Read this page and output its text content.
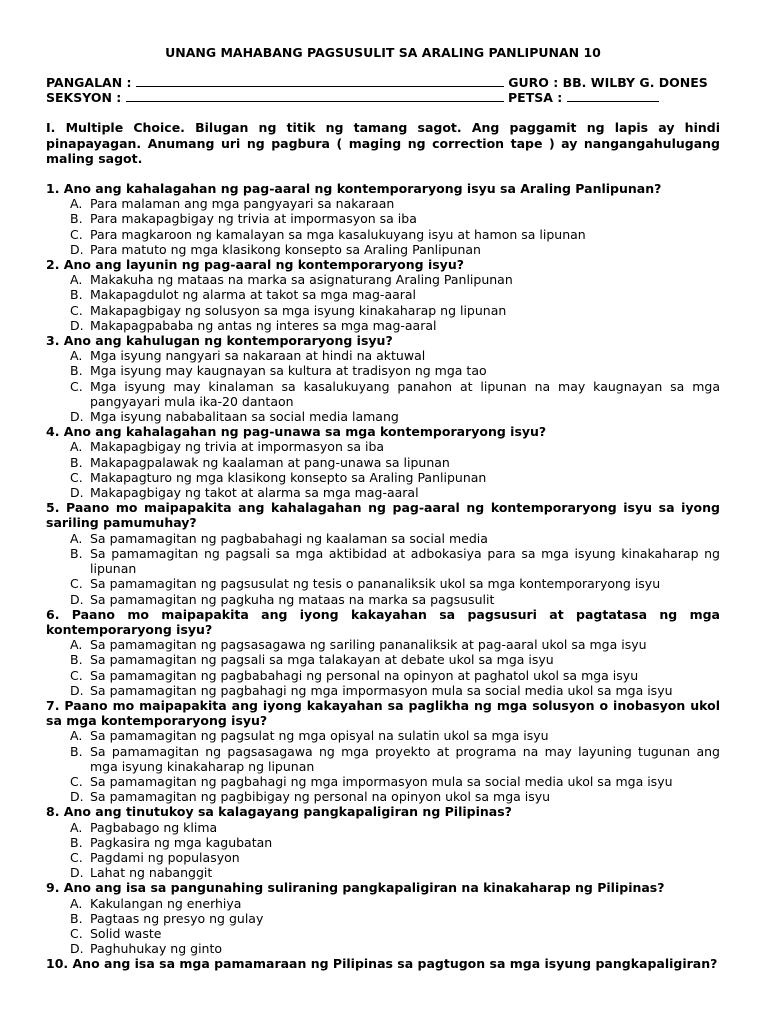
UNANG MAHABANG PAGSUSULIT SA ARALING PANLIPUNAN 10
PANGALAN :	GURO : BB. WILBY G. DONES
SEKSYON :	PETSA :
I. Multiple Choice. Bilugan ng titik ng tamang sagot. Ang paggamit ng lapis ay hindi pinapayagan. Anumang uri ng pagbura ( maging ng correction tape ) ay nangangahulugang maling sagot.
1. Ano ang kahalagahan ng pag-aaral ng kontemporaryong isyu sa Araling Panlipunan?
A. Para malaman ang mga pangyayari sa nakaraan
B. Para makapagbigay ng trivia at impormasyon sa iba
C. Para magkaroon ng kamalayan sa mga kasalukuyang isyu at hamon sa lipunan
D. Para matuto ng mga klasikong konsepto sa Araling Panlipunan
2. Ano ang layunin ng pag-aaral ng kontemporaryong isyu?
A. Makakuha ng mataas na marka sa asignaturang Araling Panlipunan
B. Makapagdulot ng alarma at takot sa mga mag-aaral
C. Makapagbigay ng solusyon sa mga isyung kinakaharap ng lipunan
D. Makapagpababa ng antas ng interes sa mga mag-aaral
3. Ano ang kahulugan ng kontemporaryong isyu?
A. Mga isyung nangyari sa nakaraan at hindi na aktuwal
B. Mga isyung may kaugnayan sa kultura at tradisyon ng mga tao
C. Mga isyung may kinalaman sa kasalukuyang panahon at lipunan na may kaugnayan sa mga pangyayari mula ika-20 dantaon
D. Mga isyung nababalitaan sa social media lamang
4. Ano ang kahalagahan ng pag-unawa sa mga kontemporaryong isyu?
A. Makapagbigay ng trivia at impormasyon sa iba
B. Makapagpalawak ng kaalaman at pang-unawa sa lipunan
C. Makapagturo ng mga klasikong konsepto sa Araling Panlipunan
D. Makapagbigay ng takot at alarma sa mga mag-aaral
5. Paano mo maipapakita ang kahalagahan ng pag-aaral ng kontemporaryong isyu sa iyong sariling pamumuhay?
A. Sa pamamagitan ng pagbabahagi ng kaalaman sa social media
B. Sa pamamagitan ng pagsali sa mga aktibidad at adbokasiya para sa mga isyung kinakaharap ng lipunan
C. Sa pamamagitan ng pagsusulat ng tesis o pananaliksik ukol sa mga kontemporaryong isyu
D. Sa pamamagitan ng pagkuha ng mataas na marka sa pagsusulit
6. Paano mo maipapakita ang iyong kakayahan sa pagsusuri at pagtatasa ng mga kontemporaryong isyu?
A. Sa pamamagitan ng pagsasagawa ng sariling pananaliksik at pag-aaral ukol sa mga isyu
B. Sa pamamagitan ng pagsali sa mga talakayan at debate ukol sa mga isyu
C. Sa pamamagitan ng pagbabahagi ng personal na opinyon at paghatol ukol sa mga isyu
D. Sa pamamagitan ng pagbahagi ng mga impormasyon mula sa social media ukol sa mga isyu
7. Paano mo maipapakita ang iyong kakayahan sa paglikha ng mga solusyon o inobasyon ukol sa mga kontemporaryong isyu?
A. Sa pamamagitan ng pagsulat ng mga opisyal na sulatin ukol sa mga isyu
B. Sa pamamagitan ng pagsasagawa ng mga proyekto at programa na may layuning tugunan ang mga isyung kinakaharap ng lipunan
C. Sa pamamagitan ng pagbahagi ng mga impormasyon mula sa social media ukol sa mga isyu
D. Sa pamamagitan ng pagbibigay ng personal na opinyon ukol sa mga isyu
8. Ano ang tinutukoy sa kalagayang pangkapaligiran ng Pilipinas?
A. Pagbabago ng klima
B. Pagkasira ng mga kagubatan
C. Pagdami ng populasyon
D. Lahat ng nabanggit
9. Ano ang isa sa pangunahing suliraning pangkapaligiran na kinakaharap ng Pilipinas?
A. Kakulangan ng enerhiya
B. Pagtaas ng presyo ng gulay
C. Solid waste
D. Paghuhukay ng ginto
10. Ano ang isa sa mga pamamaraan ng Pilipinas sa pagtugon sa mga isyung pangkapaligiran?
